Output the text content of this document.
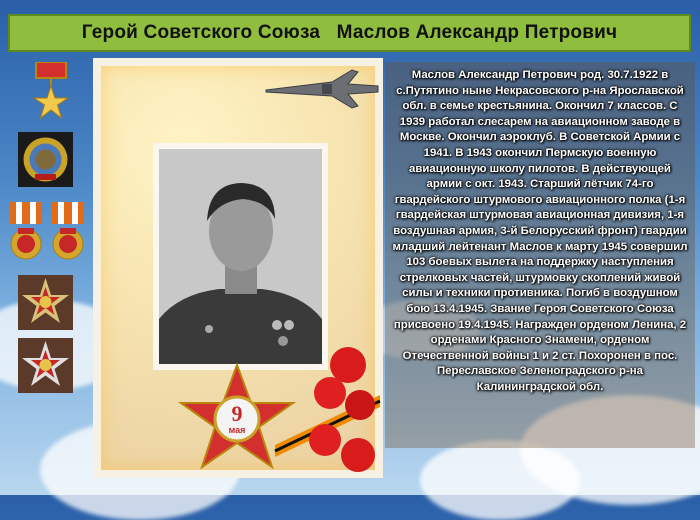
Герой Советского Союза   Маслов Александр Петрович
9
мая

Маслов Александр Петрович род. 30.7.1922 в с.Путятино ныне Некрасовского р-на Ярославской обл. в семье крестьянина. Окончил 7 классов. С 1939 работал слесарем на авиационном заводе в Москве. Окончил аэроклуб. В Советской Армии с 1941. В 1943 окончил Пермскую военную авиационную школу пилотов. В действующей армии с окт. 1943. Старший лётчик 74-го гвардейского штурмового авиационного полка (1-я гвардейская штурмовая авиационная дивизия, 1-я воздушная армия, 3-й Белорусский фронт) гвардии младший лейтенант Маслов к марту 1945 совершил 103 боевых вылета на поддержку наступления стрелковых частей, штурмовку скоплений живой силы и техники противника. Погиб в воздушном бою 13.4.1945. Звание Героя Советского Союза присвоено 19.4.1945. Награжден орденом Ленина, 2 орденами Красного Знамени, орденом Отечественной войны 1 и 2 ст. Похоронен в пос. Переславское Зеленоградского р-на Калининградской обл.
